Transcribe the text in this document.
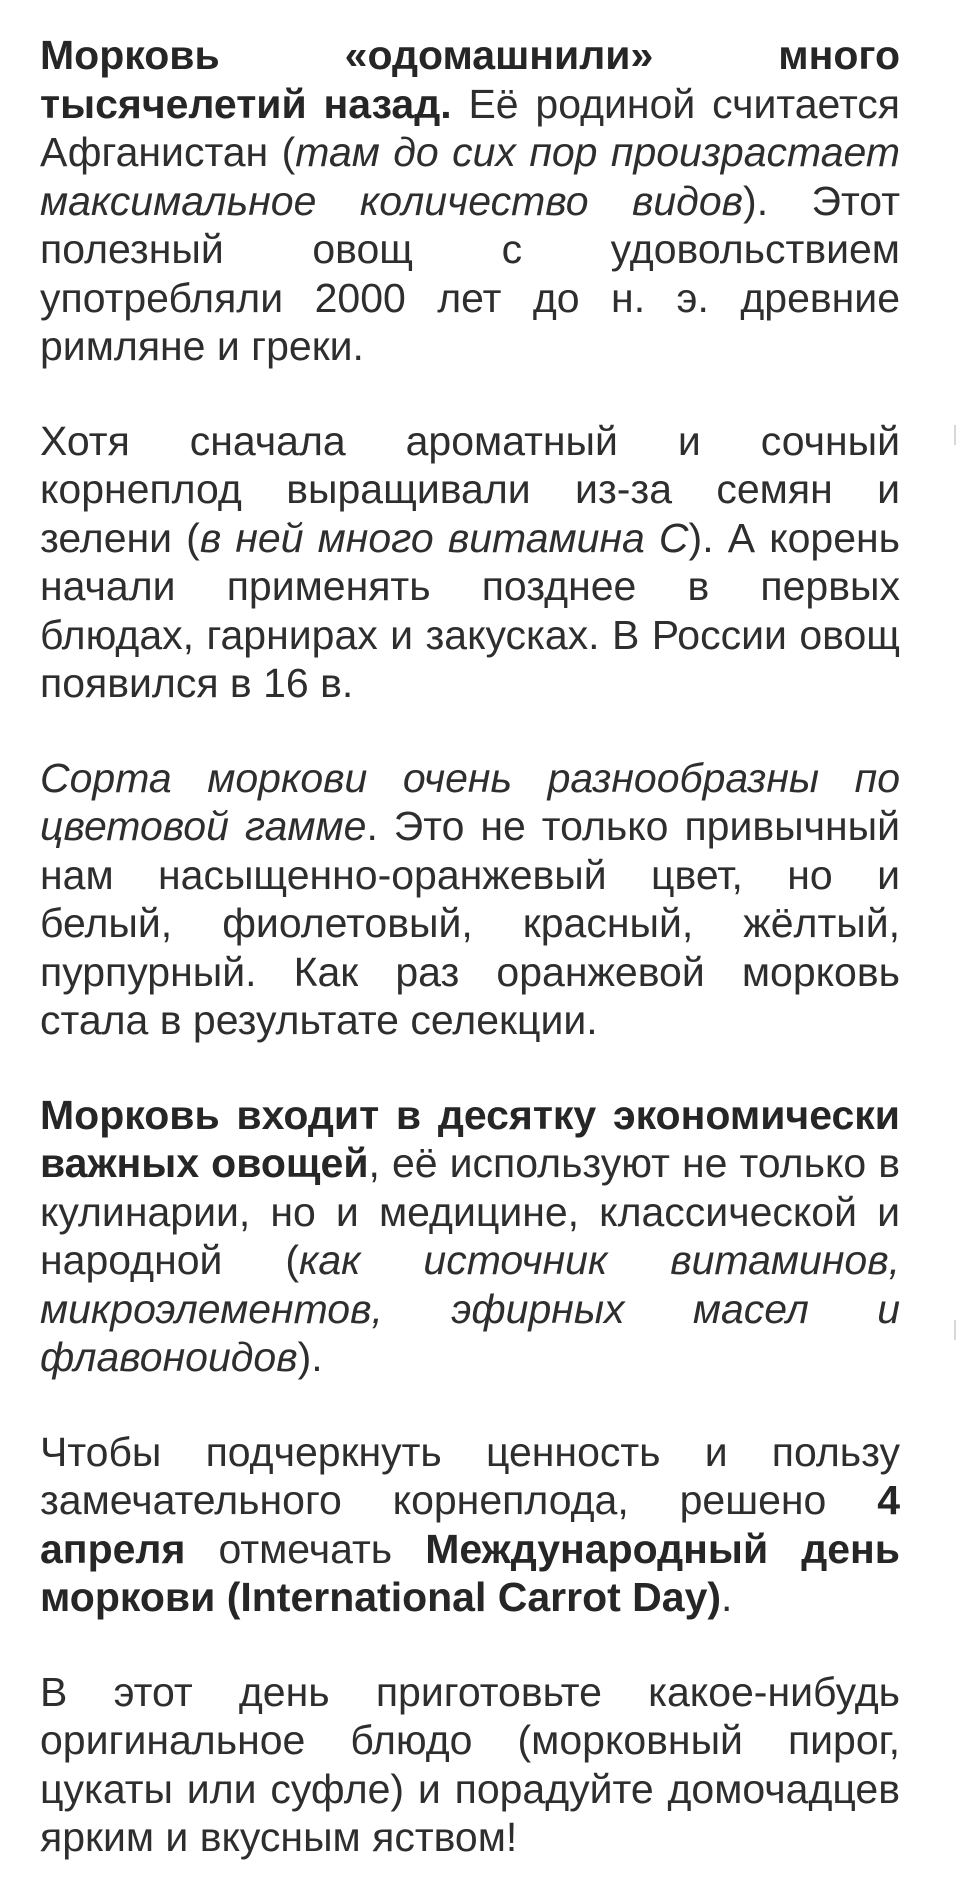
Морковь «одомашнили» много тысячелетий назад. Её родиной считается Афганистан (там до сих пор произрастает максимальное количество видов). Этот полезный овощ с удовольствием употребляли 2000 лет до н. э. древние римляне и греки.

Хотя сначала ароматный и сочный корнеплод выращивали из-за семян и зелени (в ней много витамина С). А корень начали применять позднее в первых блюдах, гарнирах и закусках. В России овощ появился в 16 в.

Сорта моркови очень разнообразны по цветовой гамме. Это не только привычный нам насыщенно-оранжевый цвет, но и белый, фиолетовый, красный, жёлтый, пурпурный. Как раз оранжевой морковь стала в результате селекции.

Морковь входит в десятку экономически важных овощей, её используют не только в кулинарии, но и медицине, классической и народной (как источник витаминов, микроэлементов, эфирных масел и флавоноидов).

Чтобы подчеркнуть ценность и пользу замечательного корнеплода, решено 4 апреля отмечать Международный день моркови (International Carrot Day).

В этот день приготовьте какое-нибудь оригинальное блюдо (морковный пирог, цукаты или суфле) и порадуйте домочадцев ярким и вкусным яством!
